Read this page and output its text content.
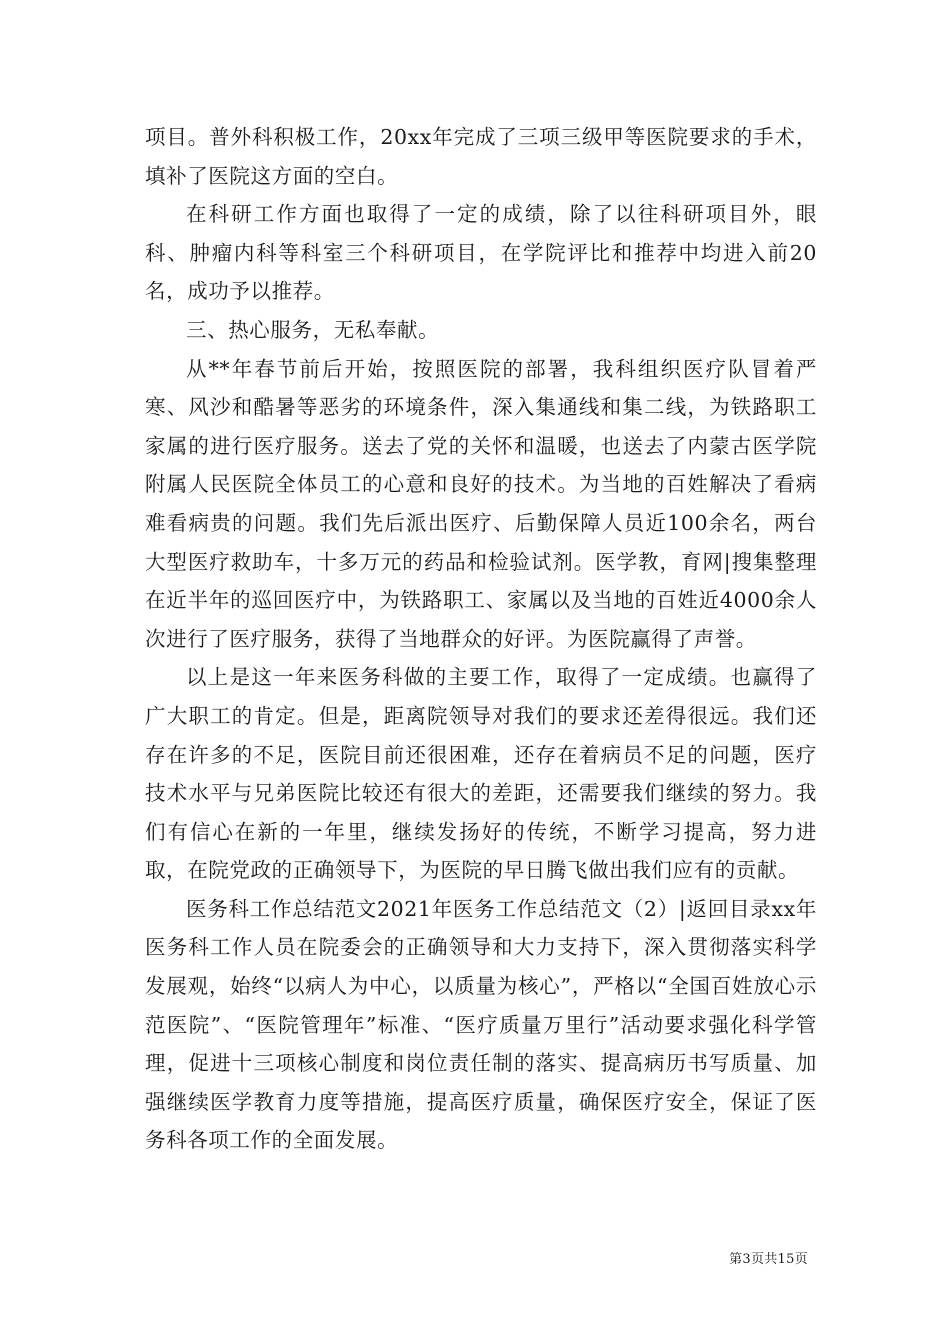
项目。普外科积极工作，20xx年完成了三项三级甲等医院要求的手术，填补了医院这方面的空白。

在科研工作方面也取得了一定的成绩，除了以往科研项目外，眼科、肿瘤内科等科室三个科研项目，在学院评比和推荐中均进入前20名，成功予以推荐。

三、热心服务，无私奉献。

从**年春节前后开始，按照医院的部署，我科组织医疗队冒着严寒、风沙和酷暑等恶劣的环境条件，深入集通线和集二线，为铁路职工家属的进行医疗服务。送去了党的关怀和温暖，也送去了内蒙古医学院附属人民医院全体员工的心意和良好的技术。为当地的百姓解决了看病难看病贵的问题。我们先后派出医疗、后勤保障人员近100余名，两台大型医疗救助车，十多万元的药品和检验试剂。医学教，育网|搜集整理在近半年的巡回医疗中，为铁路职工、家属以及当地的百姓近4000余人次进行了医疗服务，获得了当地群众的好评。为医院赢得了声誉。

以上是这一年来医务科做的主要工作，取得了一定成绩。也赢得了广大职工的肯定。但是，距离院领导对我们的要求还差得很远。我们还存在许多的不足，医院目前还很困难，还存在着病员不足的问题，医疗技术水平与兄弟医院比较还有很大的差距，还需要我们继续的努力。我们有信心在新的一年里，继续发扬好的传统，不断学习提高，努力进取，在院党政的正确领导下，为医院的早日腾飞做出我们应有的贡献。

医务科工作总结范文2021年医务工作总结范文（2）|返回目录xx年医务科工作人员在院委会的正确领导和大力支持下，深入贯彻落实科学发展观，始终“以病人为中心，以质量为核心”，严格以“全国百姓放心示范医院”、“医院管理年”标准、“医疗质量万里行”活动要求强化科学管理，促进十三项核心制度和岗位责任制的落实、提高病历书写质量、加强继续医学教育力度等措施，提高医疗质量，确保医疗安全，保证了医务科各项工作的全面发展。

第3页共15页
